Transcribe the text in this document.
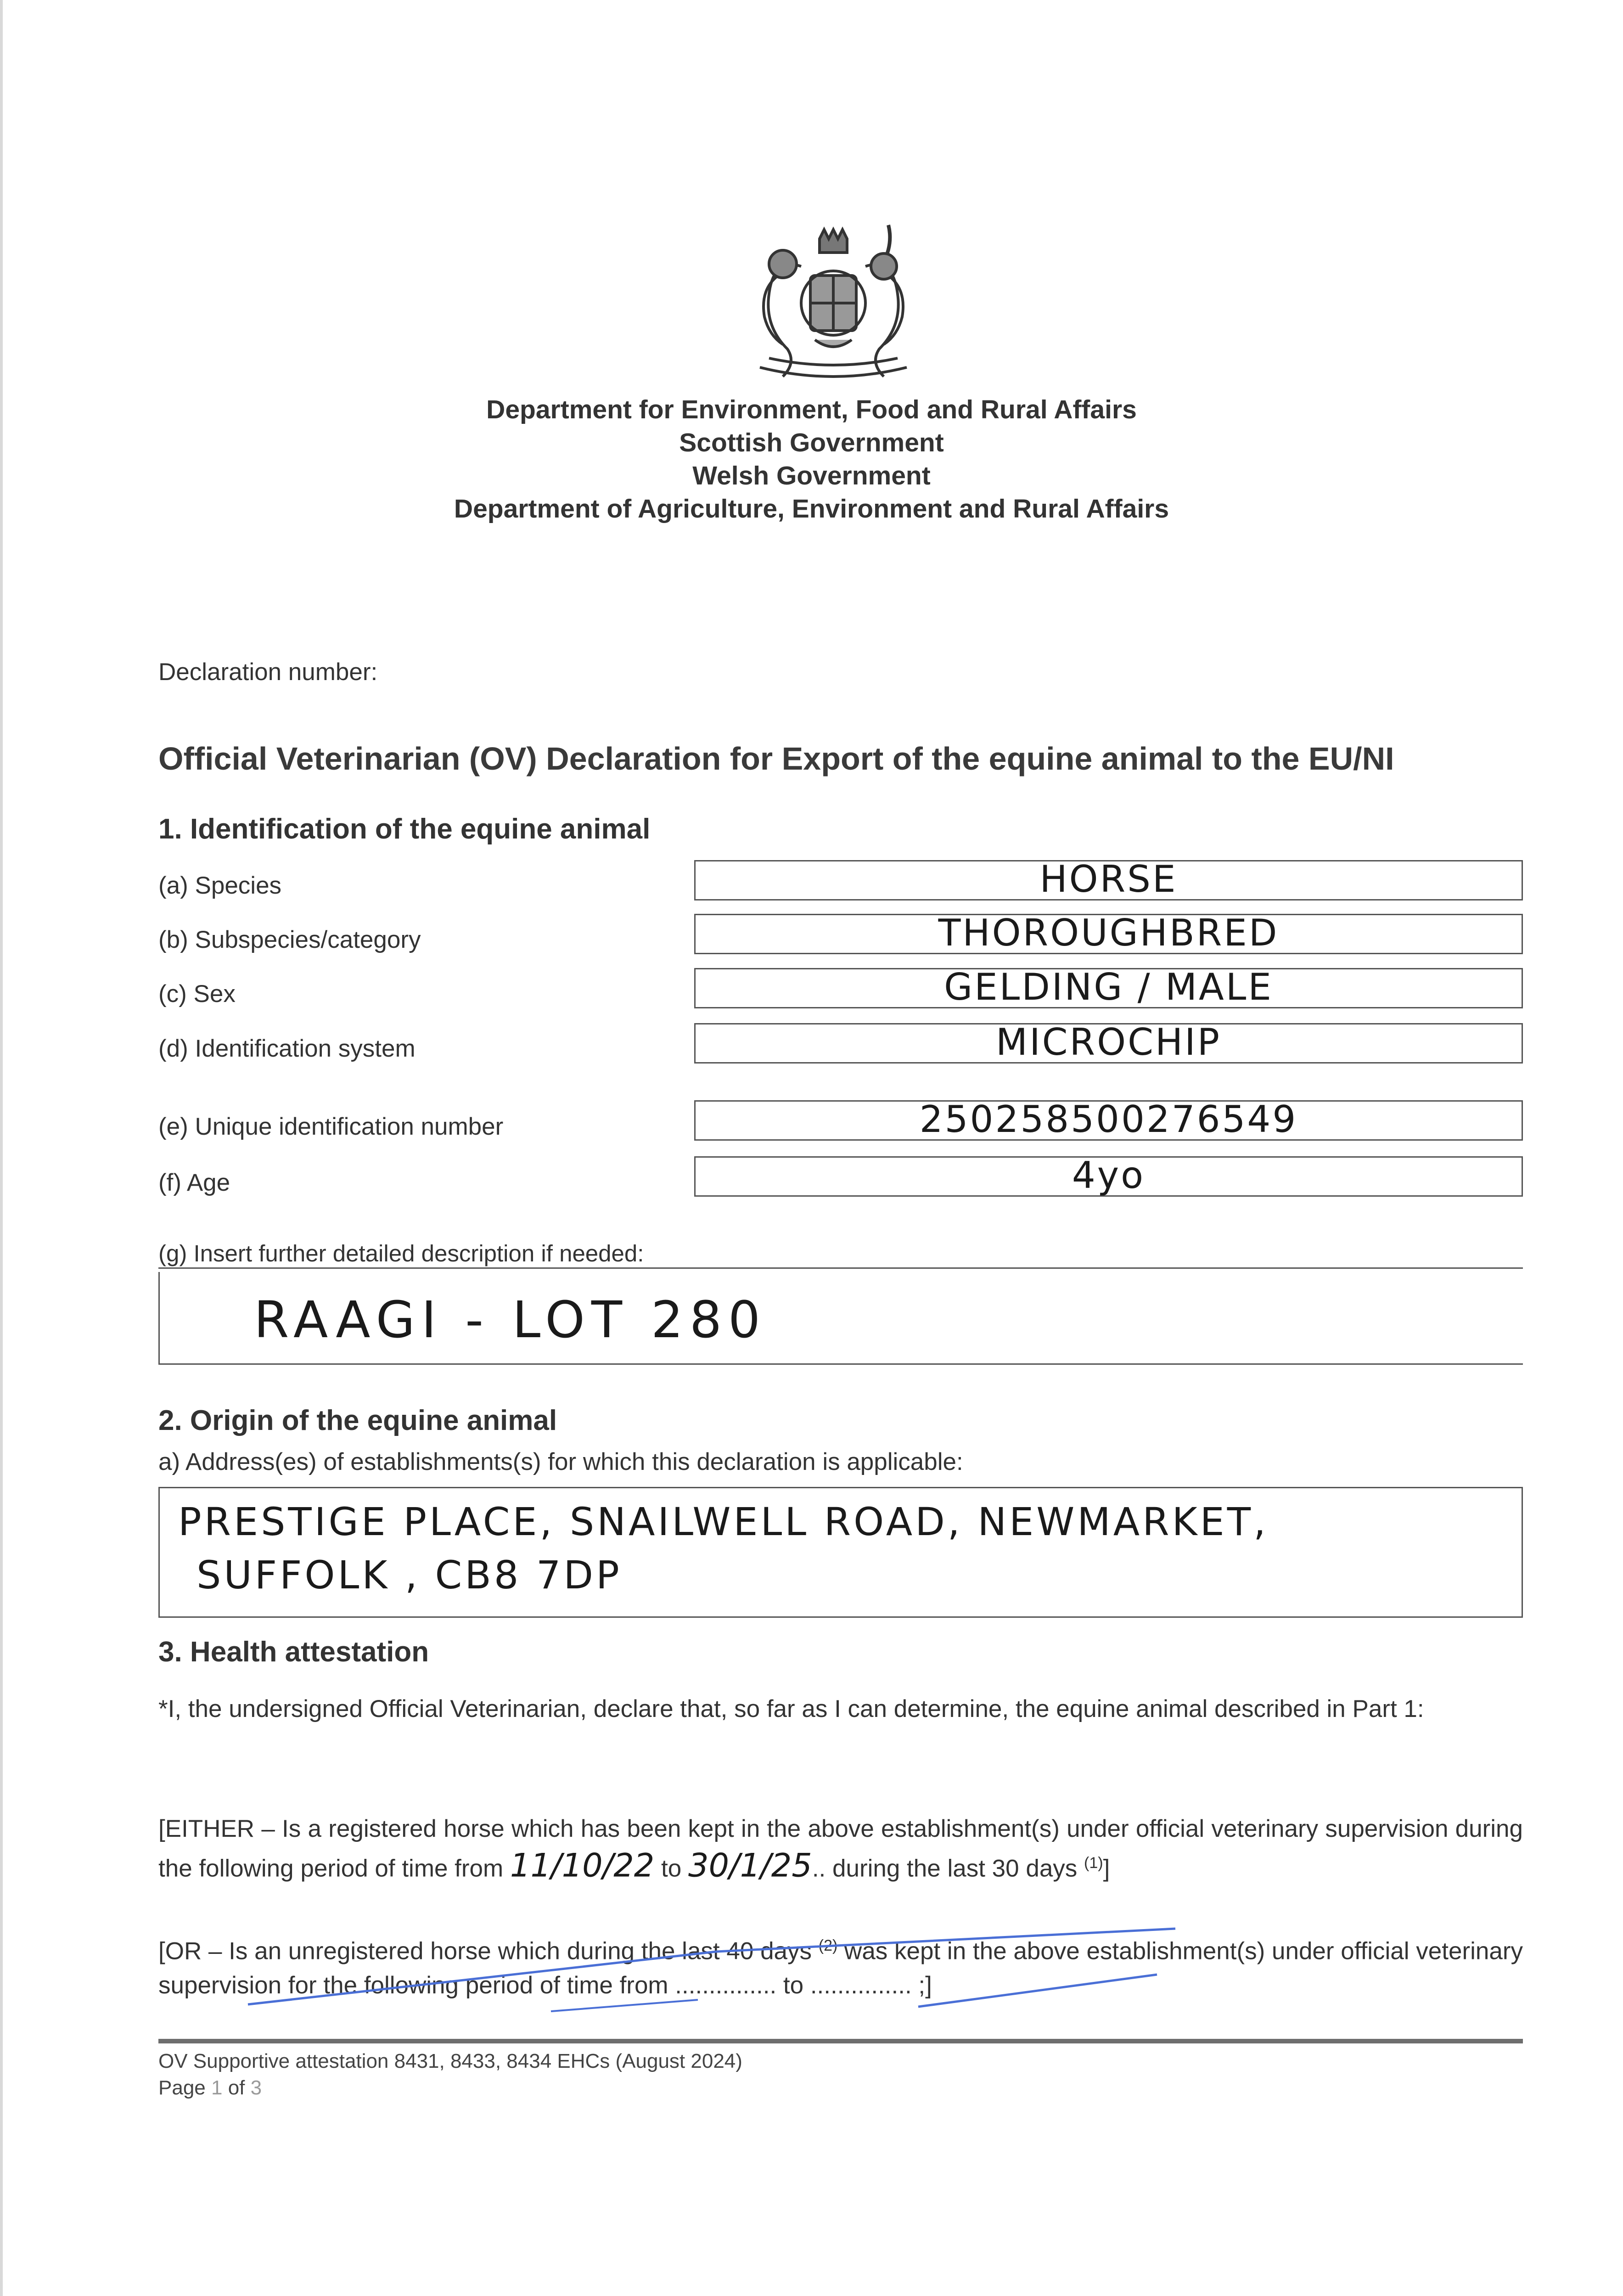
Department for Environment, Food and Rural Affairs
Scottish Government
Welsh Government
Department of Agriculture, Environment and Rural Affairs
Declaration number:
Official Veterinarian (OV) Declaration for Export of the equine animal to the EU/NI
1. Identification of the equine animal
(a) Species	HORSE
(b) Subspecies/category	THOROUGHBRED
(c) Sex	GELDING / MALE
(d) Identification system	MICROCHIP
(e) Unique identification number	250258500276549
(f) Age	4yo
(g) Insert further detailed description if needed:
RAAGI - LOT 280
2. Origin of the equine animal
a) Address(es) of establishments(s) for which this declaration is applicable:
PRESTIGE PLACE, SNAILWELL ROAD, NEWMARKET,
SUFFOLK , CB8 7DP
3. Health attestation
*I, the undersigned Official Veterinarian, declare that, so far as I can determine, the equine animal described in Part 1:
[EITHER – Is a registered horse which has been kept in the above establishment(s) under official veterinary supervision during the following period of time from 11/10/22 to 30/1/25.. during the last 30 days $^{(1)}$]
[OR – Is an unregistered horse which during the last 40 days $^{(2)}$ was kept in the above establishment(s) under official veterinary supervision for the following period of time from ............... to ............... ;]
OV Supportive attestation 8431, 8433, 8434 EHCs (August 2024)
Page 1 of 3
